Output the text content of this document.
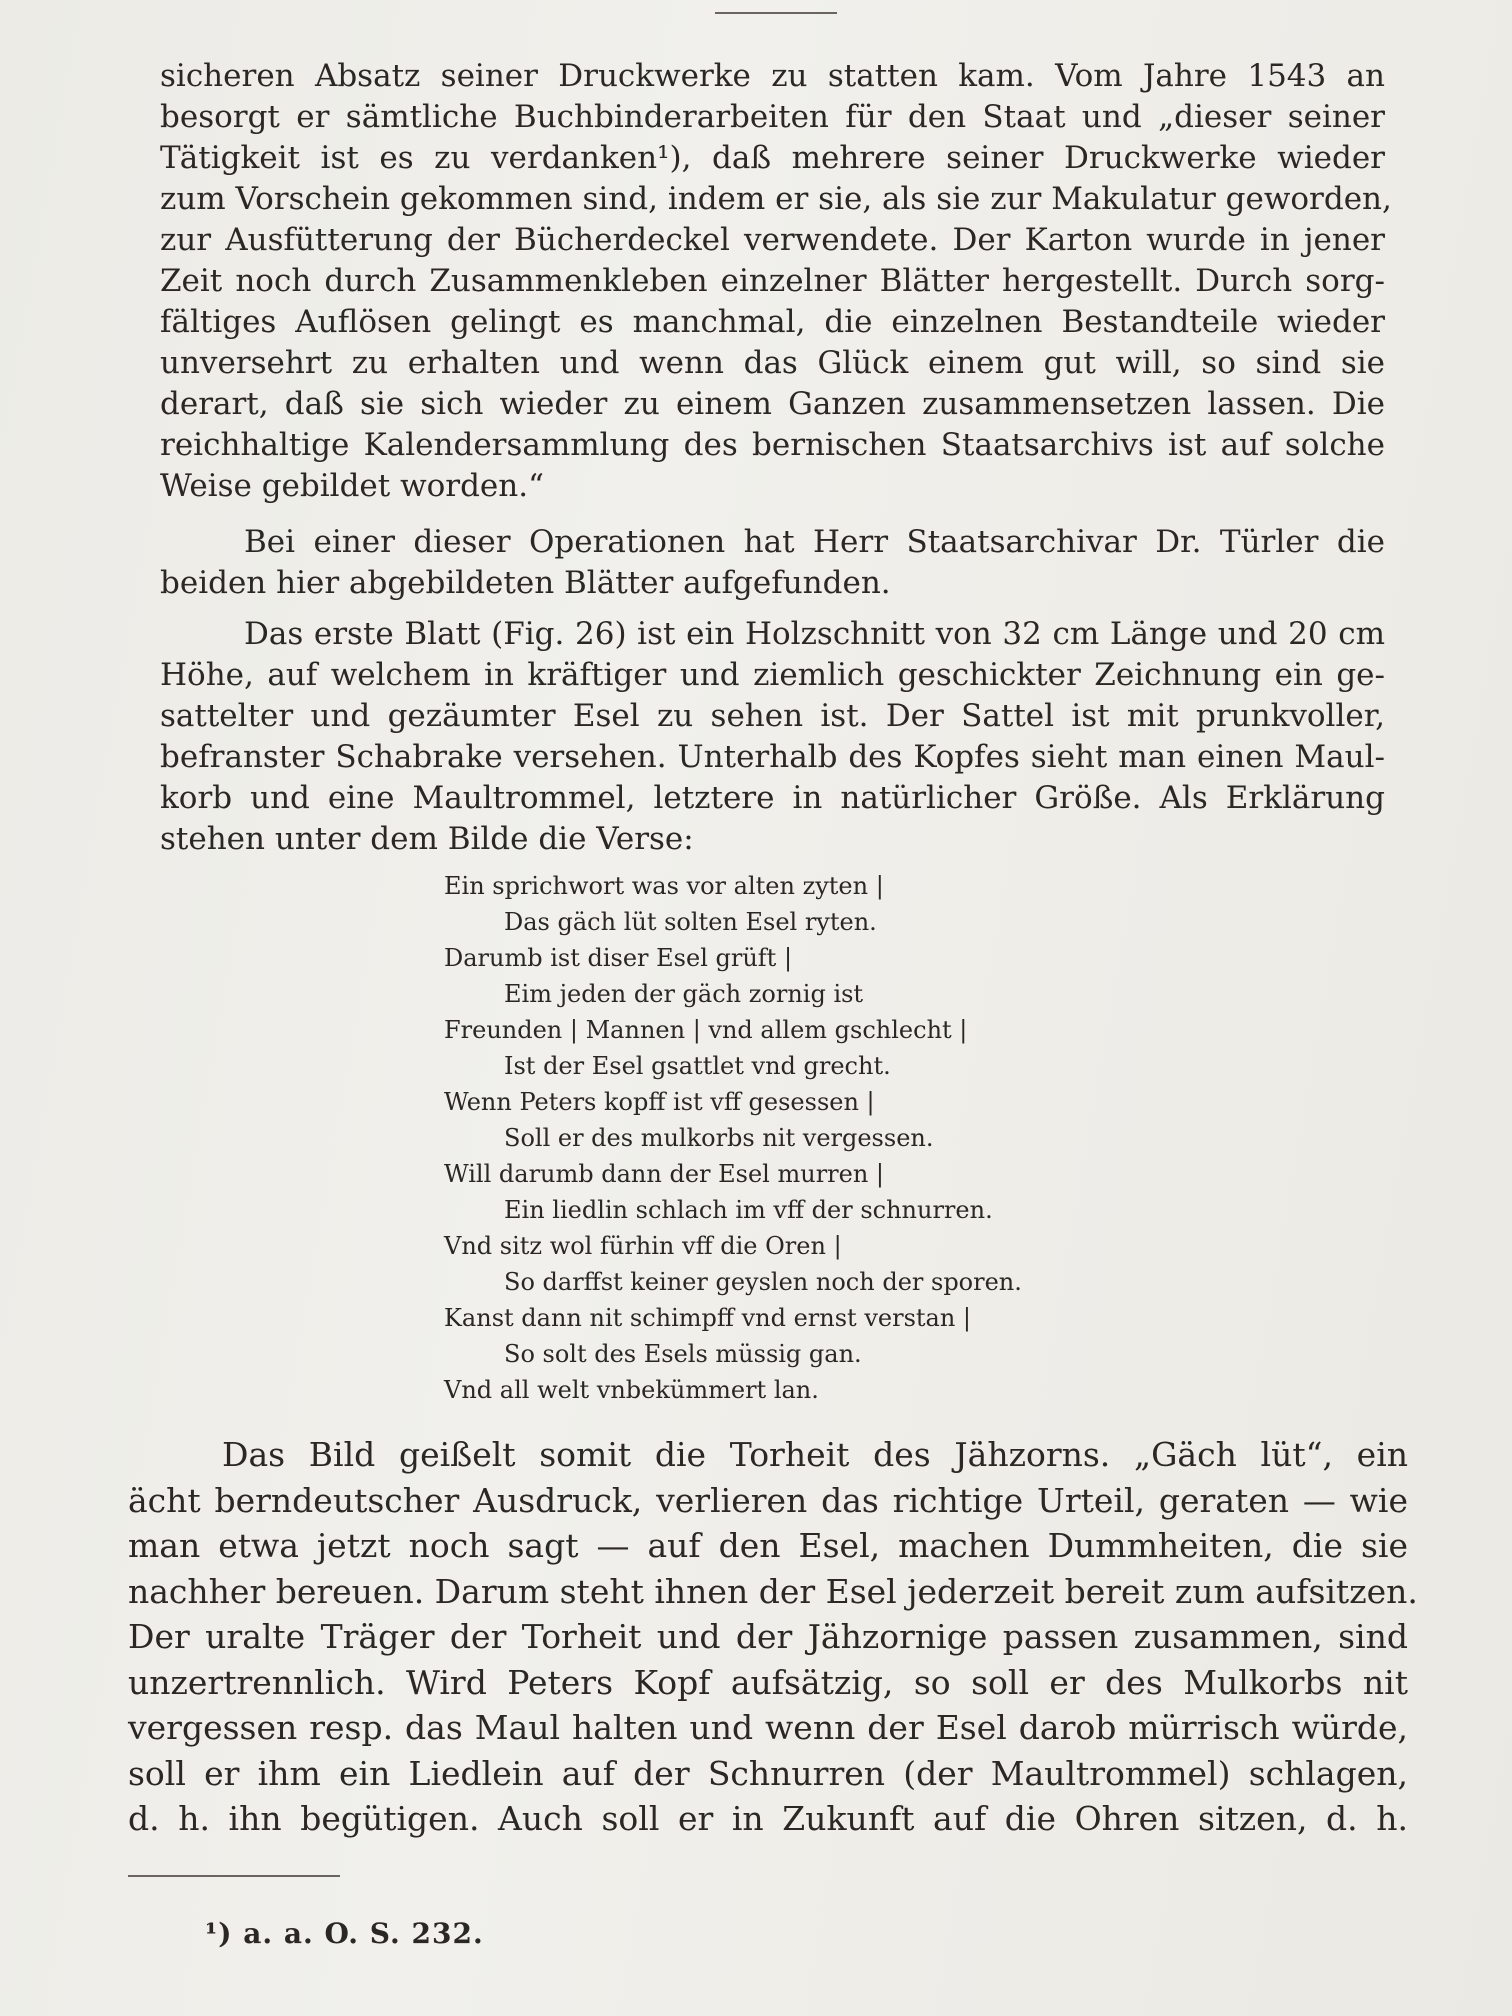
sicheren Absatz seiner Druckwerke zu statten kam. Vom Jahre 1543 an
besorgt er sämtliche Buchbinderarbeiten für den Staat und „dieser seiner
Tätigkeit ist es zu verdanken¹), daß mehrere seiner Druckwerke wieder
zum Vorschein gekommen sind, indem er sie, als sie zur Makulatur geworden,
zur Ausfütterung der Bücherdeckel verwendete. Der Karton wurde in jener
Zeit noch durch Zusammenkleben einzelner Blätter hergestellt. Durch sorg-
fältiges Auflösen gelingt es manchmal, die einzelnen Bestandteile wieder
unversehrt zu erhalten und wenn das Glück einem gut will, so sind sie
derart, daß sie sich wieder zu einem Ganzen zusammensetzen lassen. Die
reichhaltige Kalendersammlung des bernischen Staatsarchivs ist auf solche
Weise gebildet worden.“

Bei einer dieser Operationen hat Herr Staatsarchivar Dr. Türler die
beiden hier abgebildeten Blätter aufgefunden.

Das erste Blatt (Fig. 26) ist ein Holzschnitt von 32 cm Länge und 20 cm
Höhe, auf welchem in kräftiger und ziemlich geschickter Zeichnung ein ge-
sattelter und gezäumter Esel zu sehen ist. Der Sattel ist mit prunkvoller,
befranster Schabrake versehen. Unterhalb des Kopfes sieht man einen Maul-
korb und eine Maultrommel, letztere in natürlicher Größe. Als Erklärung
stehen unter dem Bilde die Verse:

Ein sprichwort was vor alten zyten |
Das gäch lüt solten Esel ryten.
Darumb ist diser Esel grüft |
Eim jeden der gäch zornig ist
Freunden | Mannen | vnd allem gschlecht |
Ist der Esel gsattlet vnd grecht.
Wenn Peters kopff ist vff gesessen |
Soll er des mulkorbs nit vergessen.
Will darumb dann der Esel murren |
Ein liedlin schlach im vff der schnurren.
Vnd sitz wol fürhin vff die Oren |
So darffst keiner geyslen noch der sporen.
Kanst dann nit schimpff vnd ernst verstan |
So solt des Esels müssig gan.
Vnd all welt vnbekümmert lan.

Das Bild geißelt somit die Torheit des Jähzorns. „Gäch lüt“, ein
ächt berndeutscher Ausdruck, verlieren das richtige Urteil, geraten — wie
man etwa jetzt noch sagt — auf den Esel, machen Dummheiten, die sie
nachher bereuen. Darum steht ihnen der Esel jederzeit bereit zum aufsitzen.
Der uralte Träger der Torheit und der Jähzornige passen zusammen, sind
unzertrennlich. Wird Peters Kopf aufsätzig, so soll er des Mulkorbs nit
vergessen resp. das Maul halten und wenn der Esel darob mürrisch würde,
soll er ihm ein Liedlein auf der Schnurren (der Maultrommel) schlagen,
d. h. ihn begütigen. Auch soll er in Zukunft auf die Ohren sitzen, d. h.

¹) a. a. O. S. 232.
